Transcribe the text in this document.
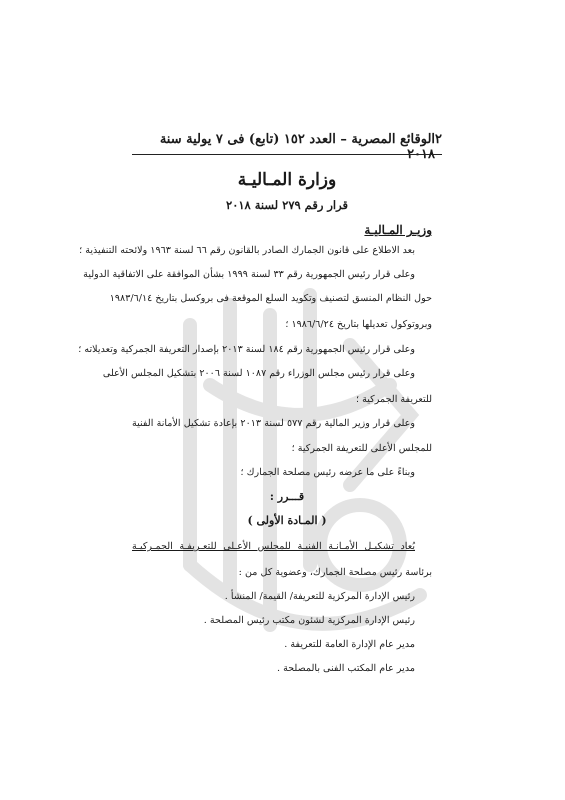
٢
الوقائع المصرية – العدد ١٥٢ (تابع) فى ٧ يولية سنة ٢٠١٨
وزارة المـاليـة
قرار رقم ٢٧٩ لسنة ٢٠١٨
وزيـر المـاليـة
بعد الاطلاع على قانون الجمارك الصادر بالقانون رقم ٦٦ لسنة ١٩٦٣ ولائحته التنفيذية ؛
وعلى قرار رئيس الجمهورية رقم ٣٣ لسنة ١٩٩٩ بشأن الموافقة على الاتفاقية الدولية
حول النظام المنسق لتصنيف وتكويد السلع الموقعة فى بروكسل بتاريخ ١٩٨٣/٦/١٤
وبروتوكول تعديلها بتاريخ ١٩٨٦/٦/٢٤ ؛
وعلى قرار رئيس الجمهورية رقم ١٨٤ لسنة ٢٠١٣ بإصدار التعريفة الجمركية وتعديلاته ؛
وعلى قرار رئيس مجلس الوزراء رقم ١٠٨٧ لسنة ٢٠٠٦ بتشكيل المجلس الأعلى
للتعريفة الجمركية ؛
وعلى قرار وزير المالية رقم ٥٧٧ لسنة ٢٠١٣ بإعادة تشكيل الأمانة الفنية
للمجلس الأعلى للتعريفة الجمركية ؛
وبناءً على ما عرضه رئيس مصلحة الجمارك ؛
قـــرر :
( المـادة الأولى )
يُعاد تشكيـل الأمـانـة الفنيـة للمجلس الأعـلى للتعـريفـة الجمـركيـة
برئاسة رئيس مصلحة الجمارك، وعضوية كل من :
رئيس الإدارة المركزية للتعريفة/ القيمة/ المنشأ .
رئيس الإدارة المركزية لشئون مكتب رئيس المصلحة .
مدير عام الإدارة العامة للتعريفة .
مدير عام المكتب الفنى بالمصلحة .
